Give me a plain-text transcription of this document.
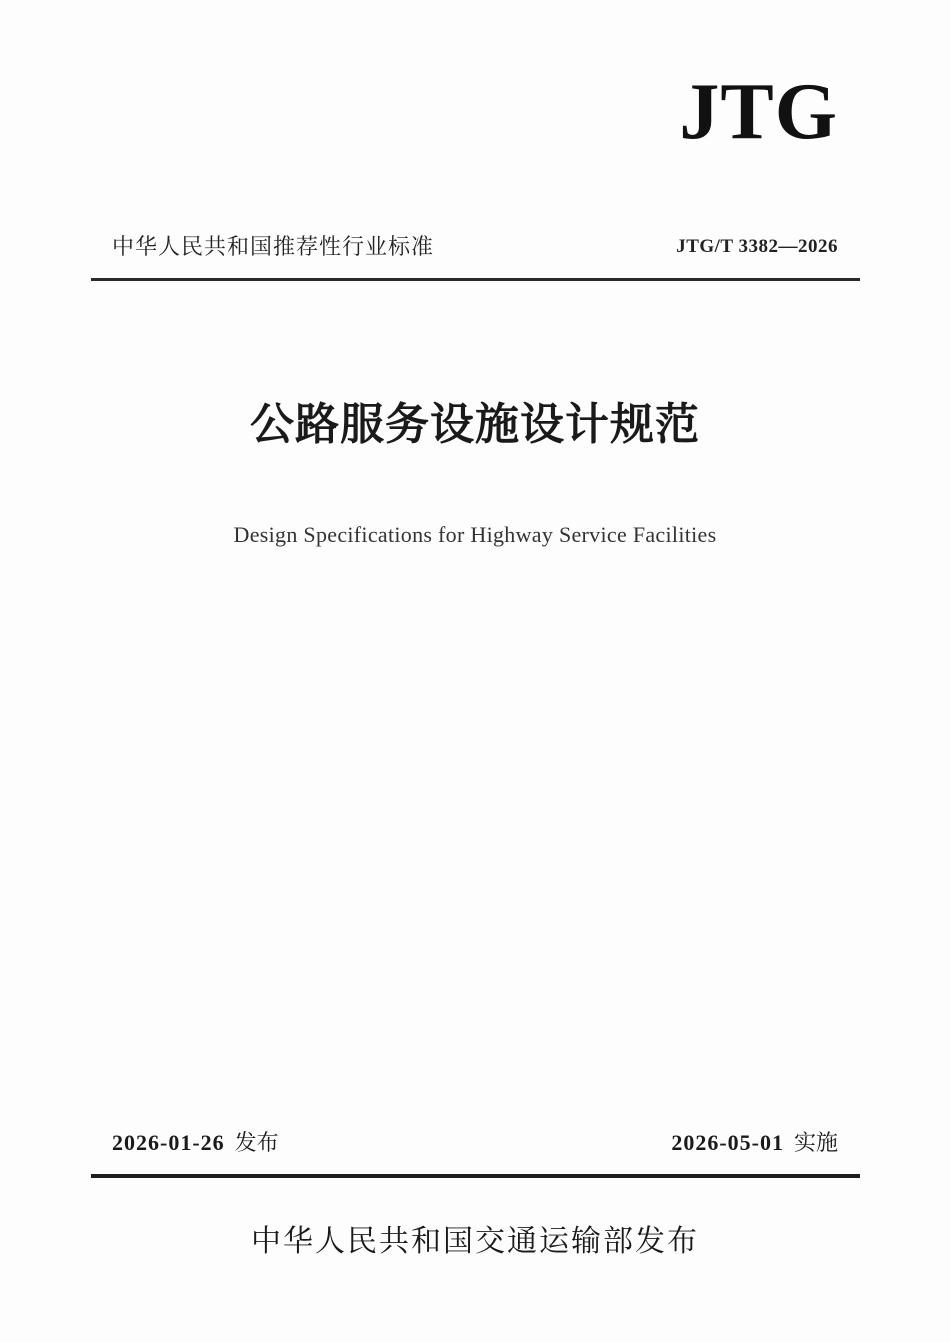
JTG
中华人民共和国推荐性行业标准	JTG/T 3382—2026
公路服务设施设计规范
Design Specifications for Highway Service Facilities
2026-01-26 发布	2026-05-01 实施
中华人民共和国交通运输部发布
